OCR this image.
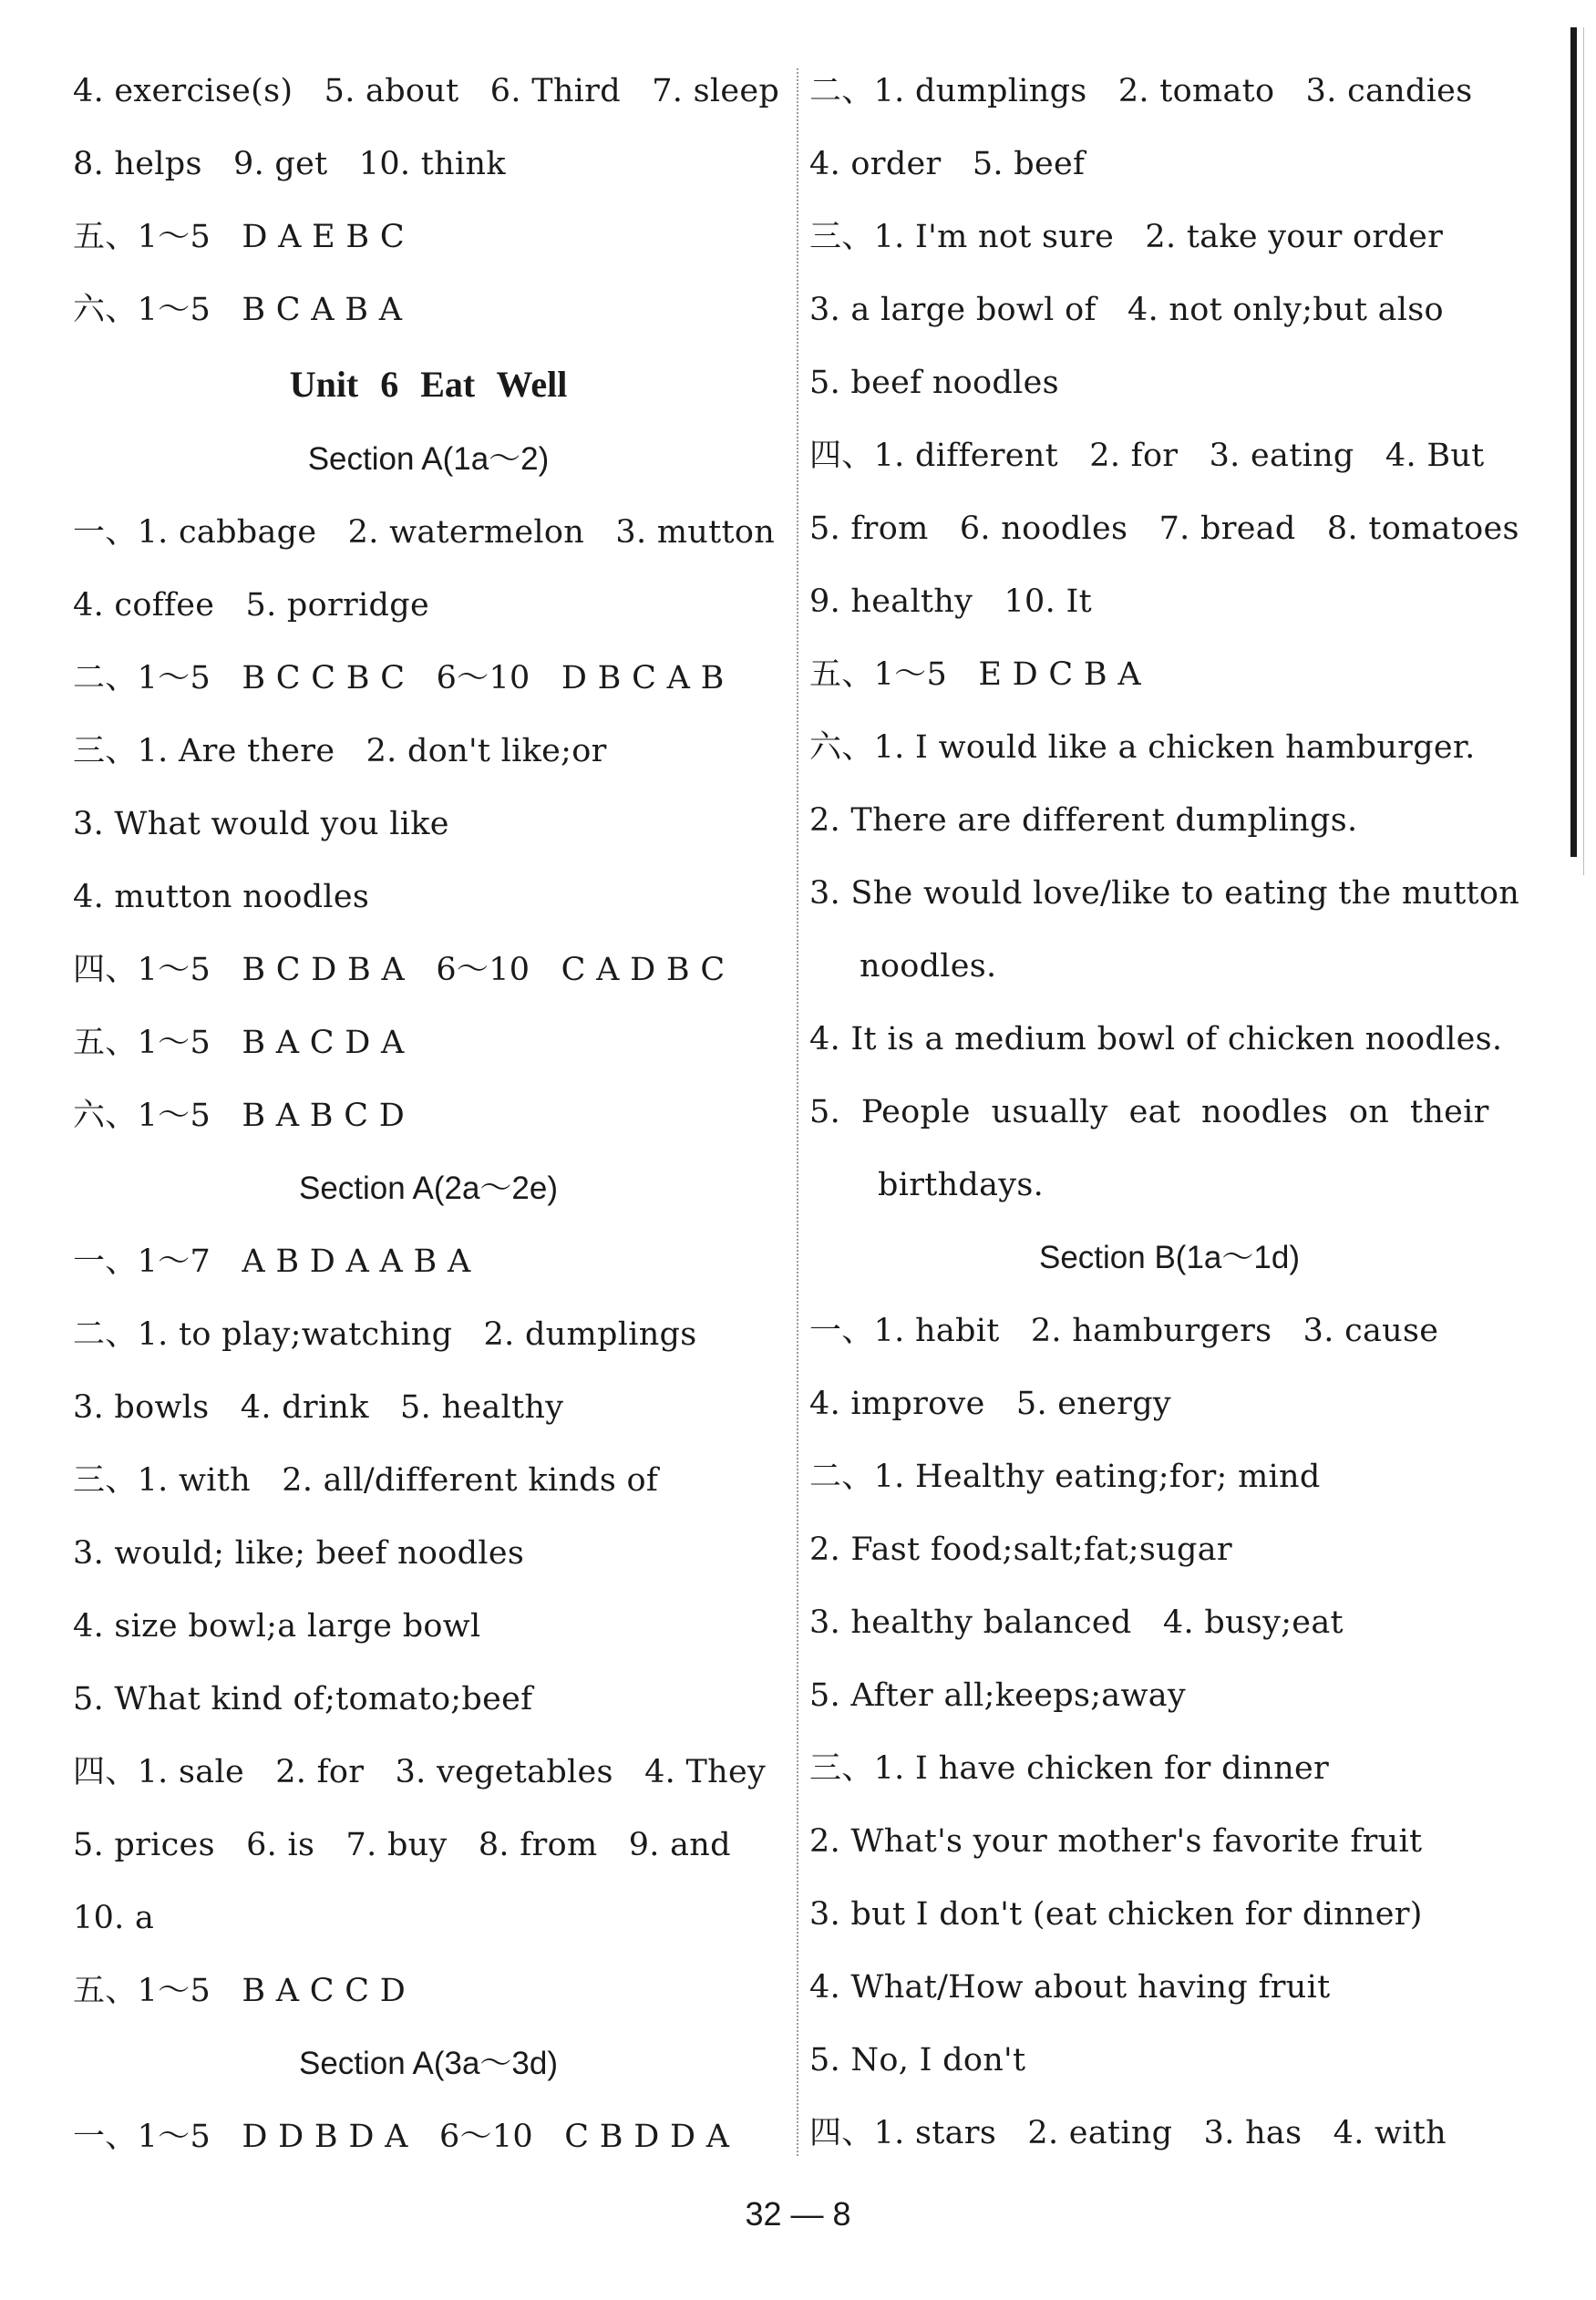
4. exercise(s)   5. about   6. Third   7. sleep
8. helps   9. get   10. think
五、1～5   D A E B C
六、1～5   B C A B A
Unit 6 Eat Well
Section A(1a～2)
一、1. cabbage   2. watermelon   3. mutton
4. coffee   5. porridge
二、1～5   B C C B C   6～10   D B C A B
三、1. Are there   2. don't like;or
3. What would you like
4. mutton noodles
四、1～5   B C D B A   6～10   C A D B C
五、1～5   B A C D A
六、1～5   B A B C D
Section A(2a～2e)
一、1～7   A B D A A B A
二、1. to play;watching   2. dumplings
3. bowls   4. drink   5. healthy
三、1. with   2. all/different kinds of
3. would; like; beef noodles
4. size bowl;a large bowl
5. What kind of;tomato;beef
四、1. sale   2. for   3. vegetables   4. They
5. prices   6. is   7. buy   8. from   9. and
10. a
五、1～5   B A C C D
Section A(3a～3d)
一、1～5   D D B D A   6～10   C B D D A
二、1. dumplings   2. tomato   3. candies
4. order   5. beef
三、1. I'm not sure   2. take your order
3. a large bowl of   4. not only;but also
5. beef noodles
四、1. different   2. for   3. eating   4. But
5. from   6. noodles   7. bread   8. tomatoes
9. healthy   10. It
五、1～5   E D C B A
六、1. I would like a chicken hamburger.
2. There are different dumplings.
3. She would love/like to eating the mutton
noodles.
4. It is a medium bowl of chicken noodles.
5.  People  usually  eat  noodles  on  their
birthdays.
Section B(1a～1d)
一、1. habit   2. hamburgers   3. cause
4. improve   5. energy
二、1. Healthy eating;for; mind
2. Fast food;salt;fat;sugar
3. healthy balanced   4. busy;eat
5. After all;keeps;away
三、1. I have chicken for dinner
2. What's your mother's favorite fruit
3. but I don't (eat chicken for dinner)
4. What/How about having fruit
5. No, I don't
四、1. stars   2. eating   3. has   4. with
32 — 8
